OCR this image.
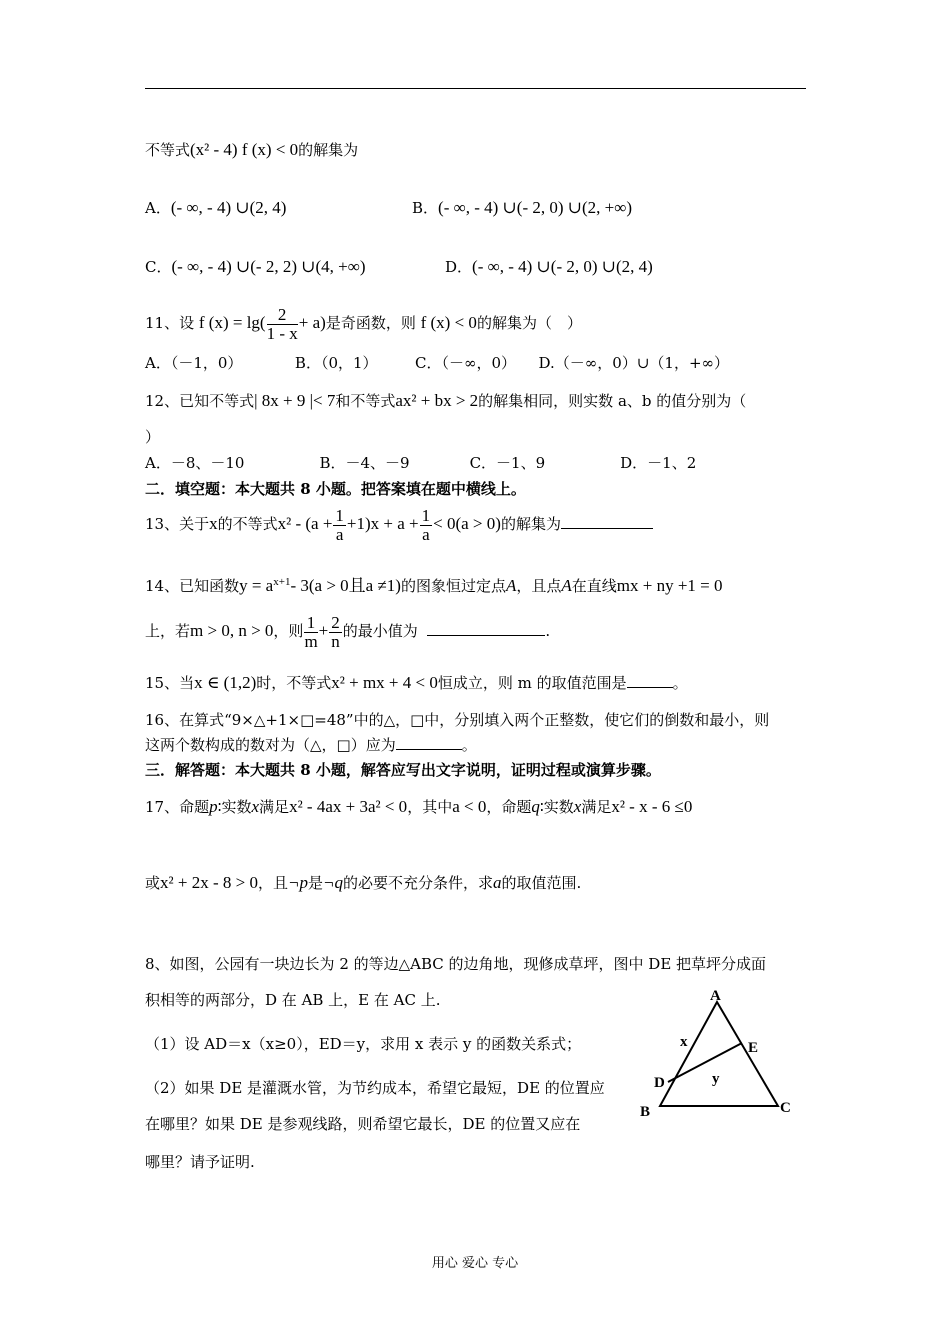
不等式(x² - 4) f (x) < 0的解集为
A．(- ∞, - 4) ∪(2, 4)	B．(- ∞, - 4) ∪(- 2, 0) ∪(2, +∞)
C．(- ∞, - 4) ∪(- 2, 2) ∪(4, +∞)	D．(- ∞, - 4) ∪(- 2, 0) ∪(2, 4)
11、设 f $(x) = \lg( \frac{2}{1 - x} + a)$是奇函数，则 f (x) < 0的解集为（　）
A．（－1，0）　　　　B．（0，1）　　　C．（－∞，0）　　D.（－∞，0）∪（1，+∞）
12、已知不等式| 8x + 9 |< 7和不等式ax² + bx > 2的解集相同，则实数 a、b 的值分别为（
）
A．－8、－10　　　　　B．－4、－9　　　　C．－1、9　　　　　D．－1、2
二．填空题：本大题共 8 小题。把答案填在题中横线上。
13、关于x的不等式$x^2 - (a + \frac{1}{a} +1)x + a + \frac{1}{a} < 0(a > 0)$的解集为
14、已知函数$y = a^{x+1}-$ 3(a > 0且a ≠1)的图象恒过定点A，且点A在直线mx + ny +1 = 0
上，若m > 0, n > 0，则 $\frac{1}{m} + \frac{2}{n}$ 的最小值为	.
15、当x ∈ (1,2)时，不等式x² + mx + 4 < 0恒成立，则 m 的取值范围是	。
16、在算式“9×△+1×□=48”中的△，□中，分别填入两个正整数，使它们的倒数和最小，则
这两个数构成的数对为（△，□）应为	。
三．解答题：本大题共 8 小题，解答应写出文字说明，证明过程或演算步骤。
17、命题p∶实数x满足x² - 4ax + 3a² < 0，其中a < 0，命题q∶实数x满足x² - x - 6 ≤0
或x² + 2x - 8 > 0，且¬p是¬q的必要不充分条件，求a的取值范围.
8、如图，公园有一块边长为 2 的等边△ABC 的边角地，现修成草坪，图中 DE 把草坪分成面
积相等的两部分，D 在 AB 上，E 在 AC 上.
（1）设 AD＝x（x≥0），ED＝y，求用 x 表示 y 的函数关系式；
（2）如果 DE 是灌溉水管，为节约成本，希望它最短，DE 的位置应
在哪里？如果 DE 是参观线路，则希望它最长，DE 的位置又应在
哪里？请予证明.
A
B	C
D
E
x
y
用心 爱心 专心
